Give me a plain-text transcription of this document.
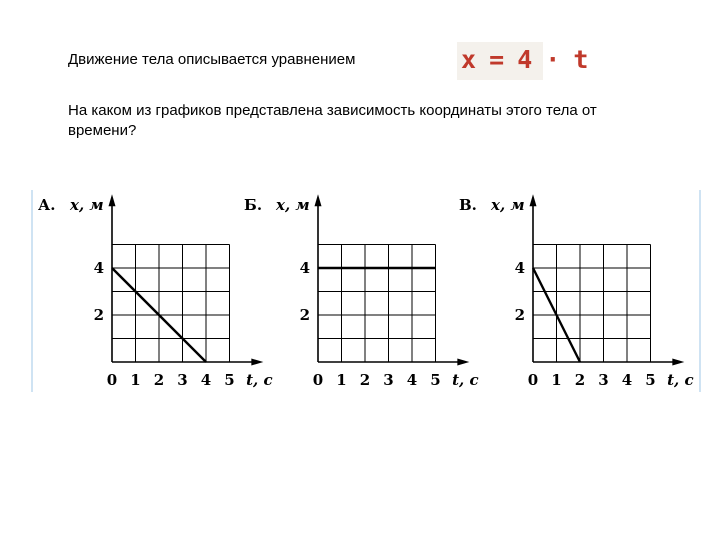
Движение тела описывается уравнением	x = 4 · t
На каком из графиков представлена зависимость координаты этого тела от времени?
А. x, м
2
4
0 1 2 3 4 5 t, с
Б. x, м
2
4
0 1 2 3 4 5 t, с
В. x, м
2
4
0 1 2 3 4 5 t, с
